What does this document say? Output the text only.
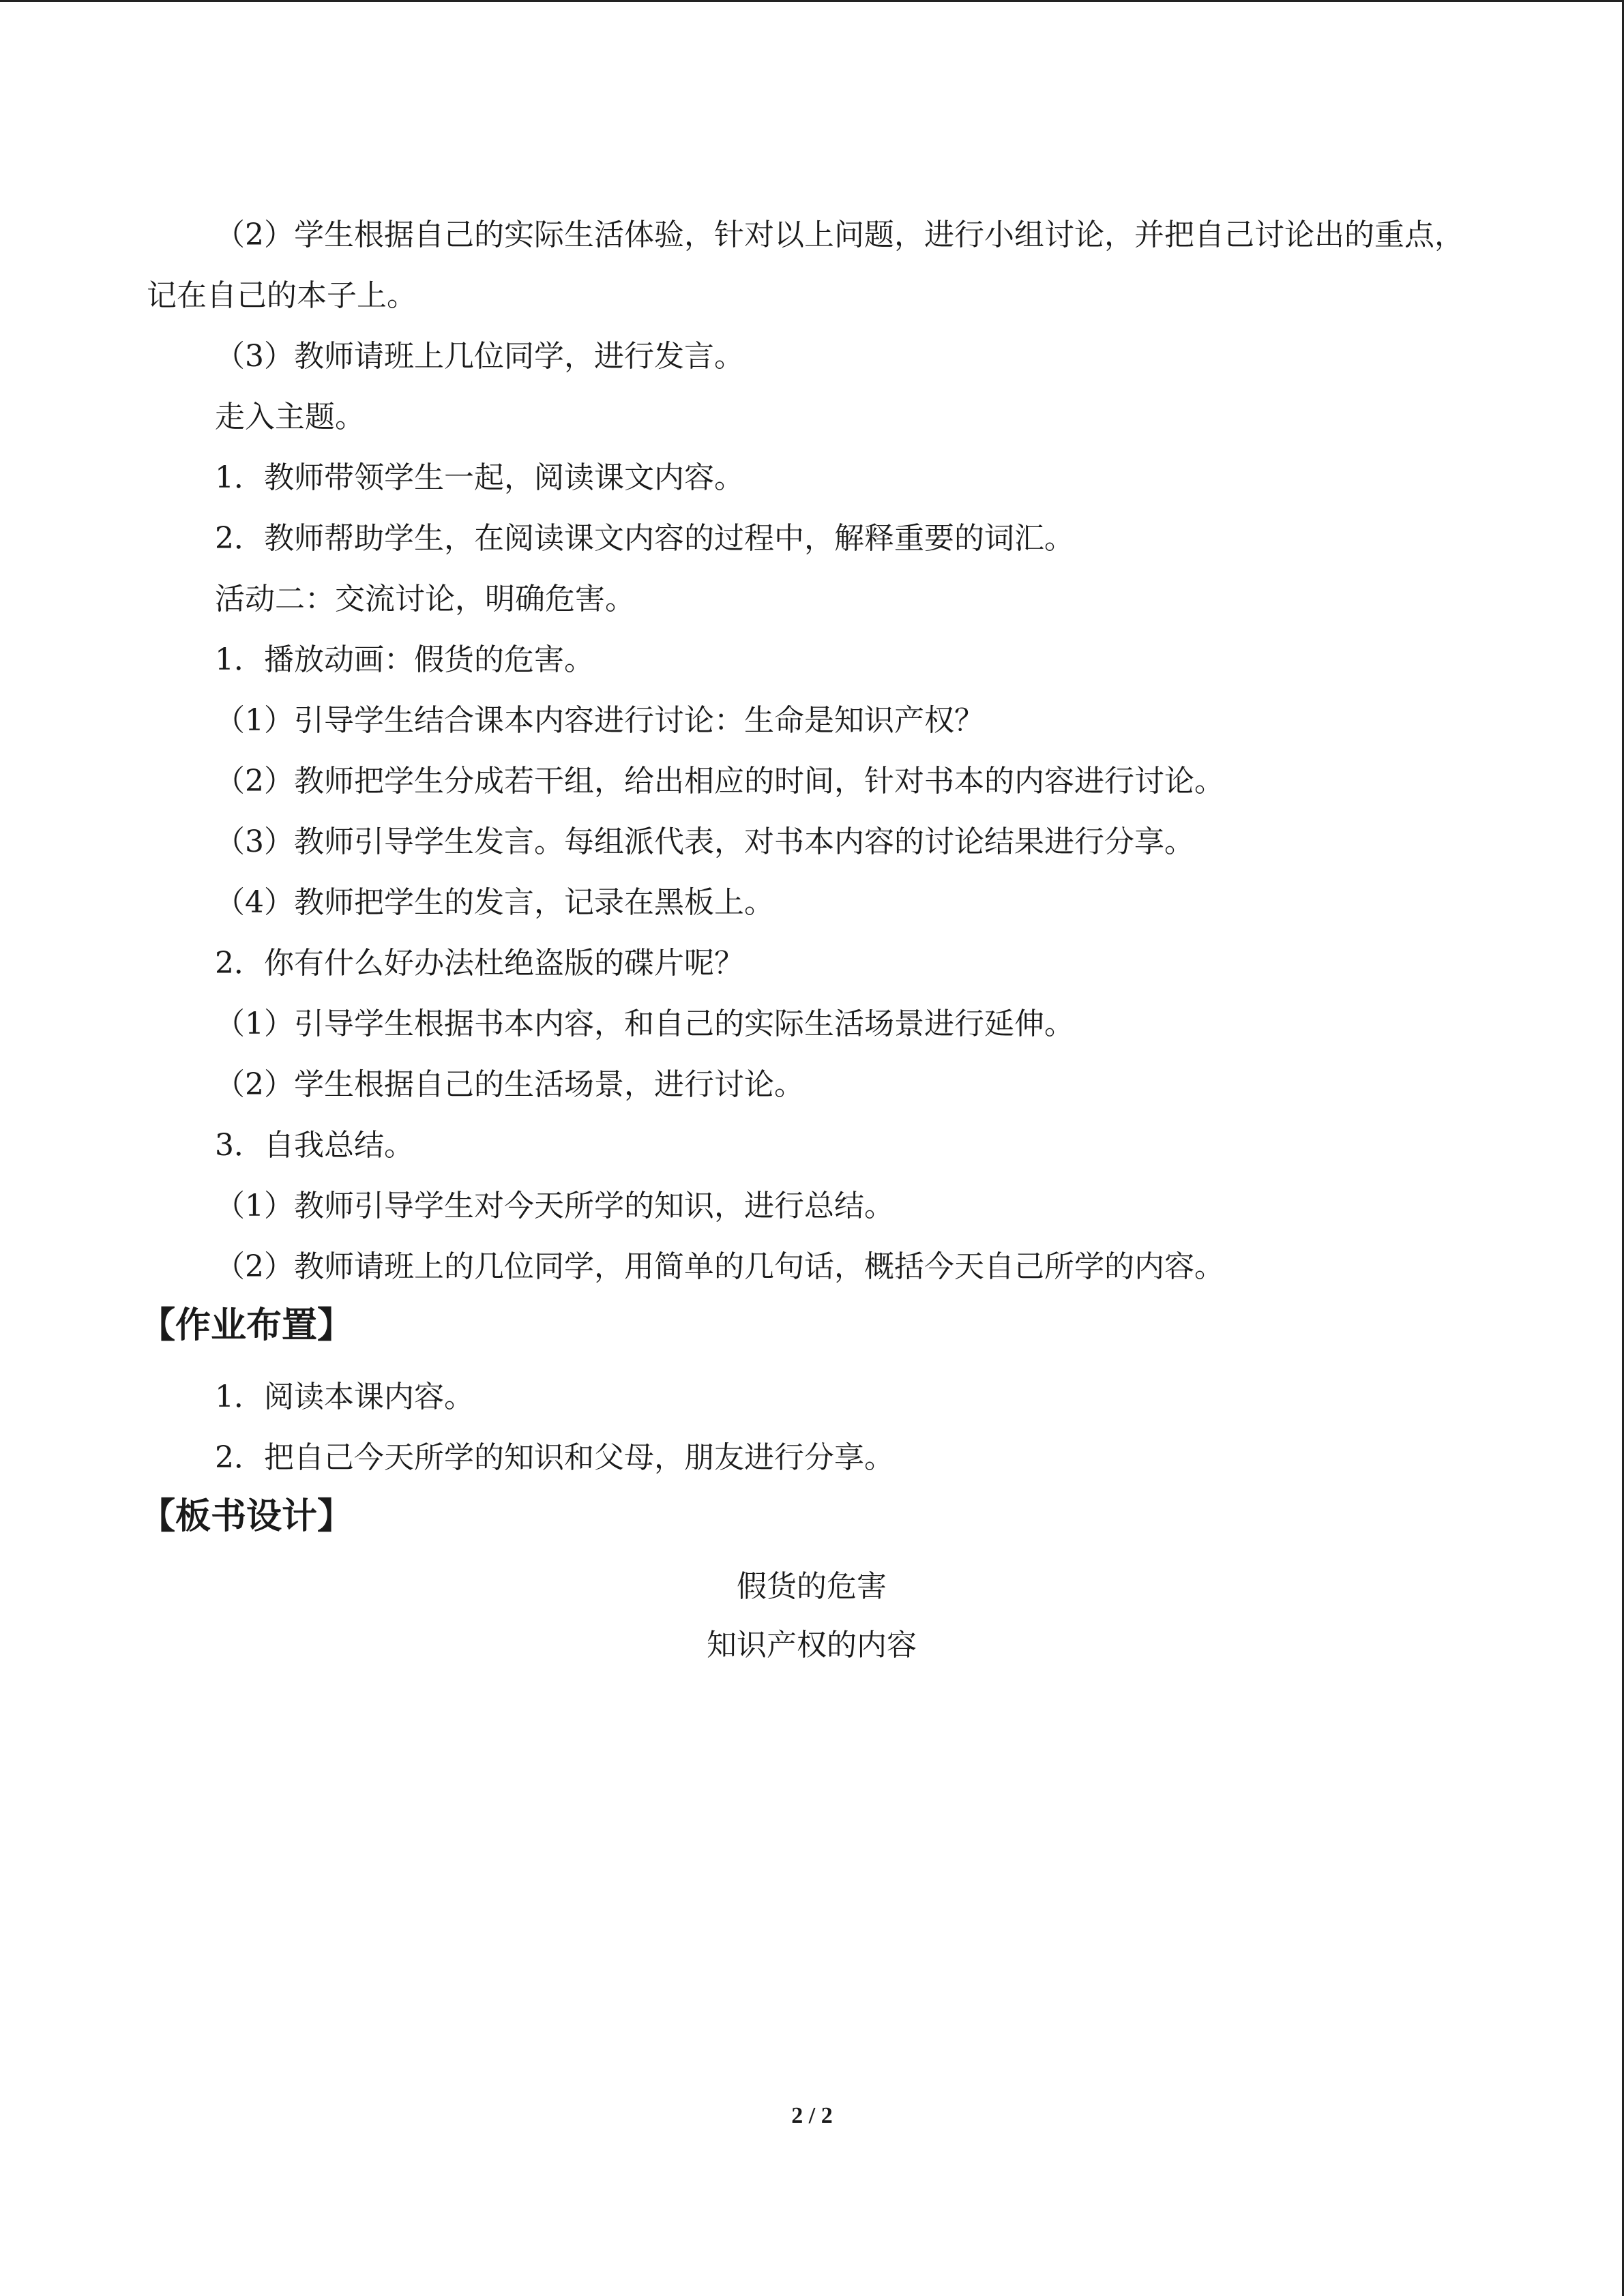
（2）学生根据自己的实际生活体验，针对以上问题，进行小组讨论，并把自己讨论出的重点，记在自己的本子上。

（3）教师请班上几位同学，进行发言。

走入主题。

1．教师带领学生一起，阅读课文内容。

2．教师帮助学生，在阅读课文内容的过程中，解释重要的词汇。

活动二：交流讨论，明确危害。

1．播放动画：假货的危害。

（1）引导学生结合课本内容进行讨论：生命是知识产权？

（2）教师把学生分成若干组，给出相应的时间，针对书本的内容进行讨论。

（3）教师引导学生发言。每组派代表，对书本内容的讨论结果进行分享。

（4）教师把学生的发言，记录在黑板上。

2．你有什么好办法杜绝盗版的碟片呢？

（1）引导学生根据书本内容，和自己的实际生活场景进行延伸。

（2）学生根据自己的生活场景，进行讨论。

3．自我总结。

（1）教师引导学生对今天所学的知识，进行总结。

（2）教师请班上的几位同学，用简单的几句话，概括今天自己所学的内容。

【作业布置】

1．阅读本课内容。

2．把自己今天所学的知识和父母，朋友进行分享。

【板书设计】
假货的危害
知识产权的内容
2 / 2
